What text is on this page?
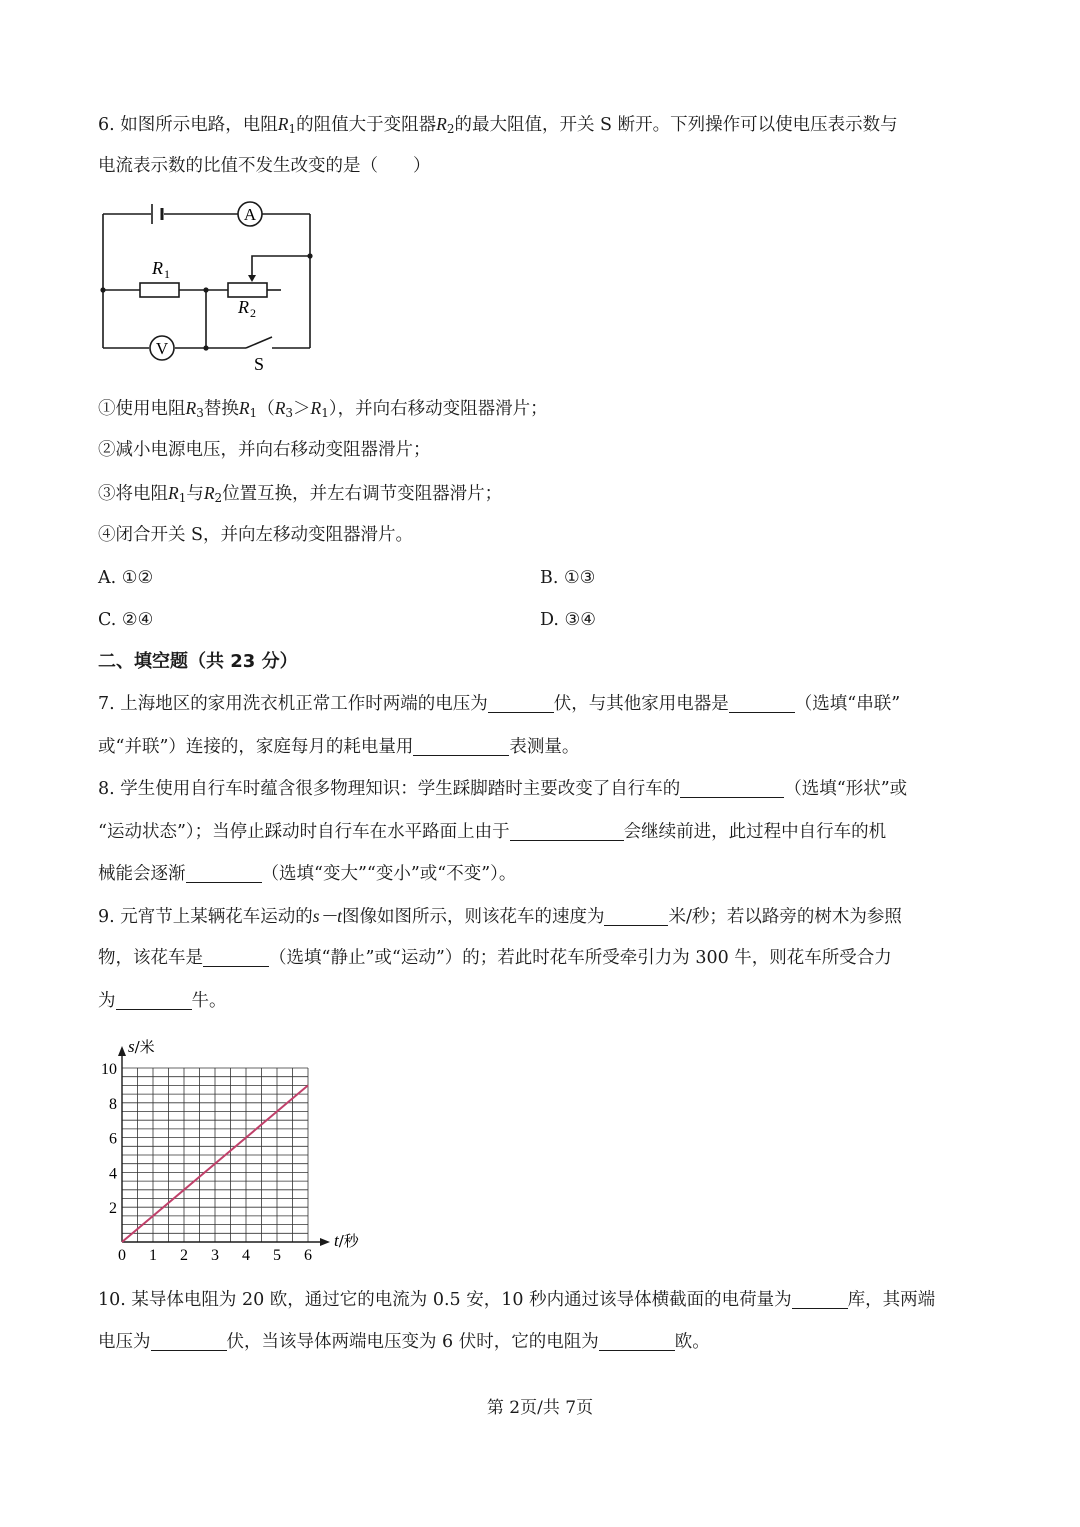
6. 如图所示电路，电阻$R_1$的阻值大于变阻器$R_2$的最大阻值，开关 S 断开。下列操作可以使电压表示数与
电流表示数的比值不发生改变的是（　　）
A
V
R 1
R 2
S
①使用电阻$R_3$替换$R_1(R_3>R_1)$，并向右移动变阻器滑片；
②减小电源电压，并向右移动变阻器滑片；
③将电阻$R_1$与$R_2$位置互换，并左右调节变阻器滑片；
④闭合开关 S，并向左移动变阻器滑片。
A. ①②	B. ①③
C. ②④	D. ③④
二、填空题（共 23 分）
7. 上海地区的家用洗衣机正常工作时两端的电压为	伏，与其他家用电器是	（选填“串联”
或“并联”）连接的，家庭每月的耗电量用	表测量。
8. 学生使用自行车时蕴含很多物理知识：学生踩脚踏时主要改变了自行车的	（选填“形状”或
“运动状态”）；当停止踩动时自行车在水平路面上由于	会继续前进，此过程中自行车的机
械能会逐渐	（选填“变大”“变小”或“不变”）。
9. 元宵节上某辆花车运动的s－t图像如图所示，则该花车的速度为	米/秒；若以路旁的树木为参照
物，该花车是	（选填“静止”或“运动”）的；若此时花车所受牵引力为 300 牛，则花车所受合力
为	牛。
0 1 2 3 4 5 6
2
4
6
8
10
s/米
t/秒
10. 某导体电阻为 20 欧，通过它的电流为 0.5 安，10 秒内通过该导体横截面的电荷量为	库，其两端
电压为	伏，当该导体两端电压变为 6 伏时，它的电阻为	欧。
第 2页/共 7页
